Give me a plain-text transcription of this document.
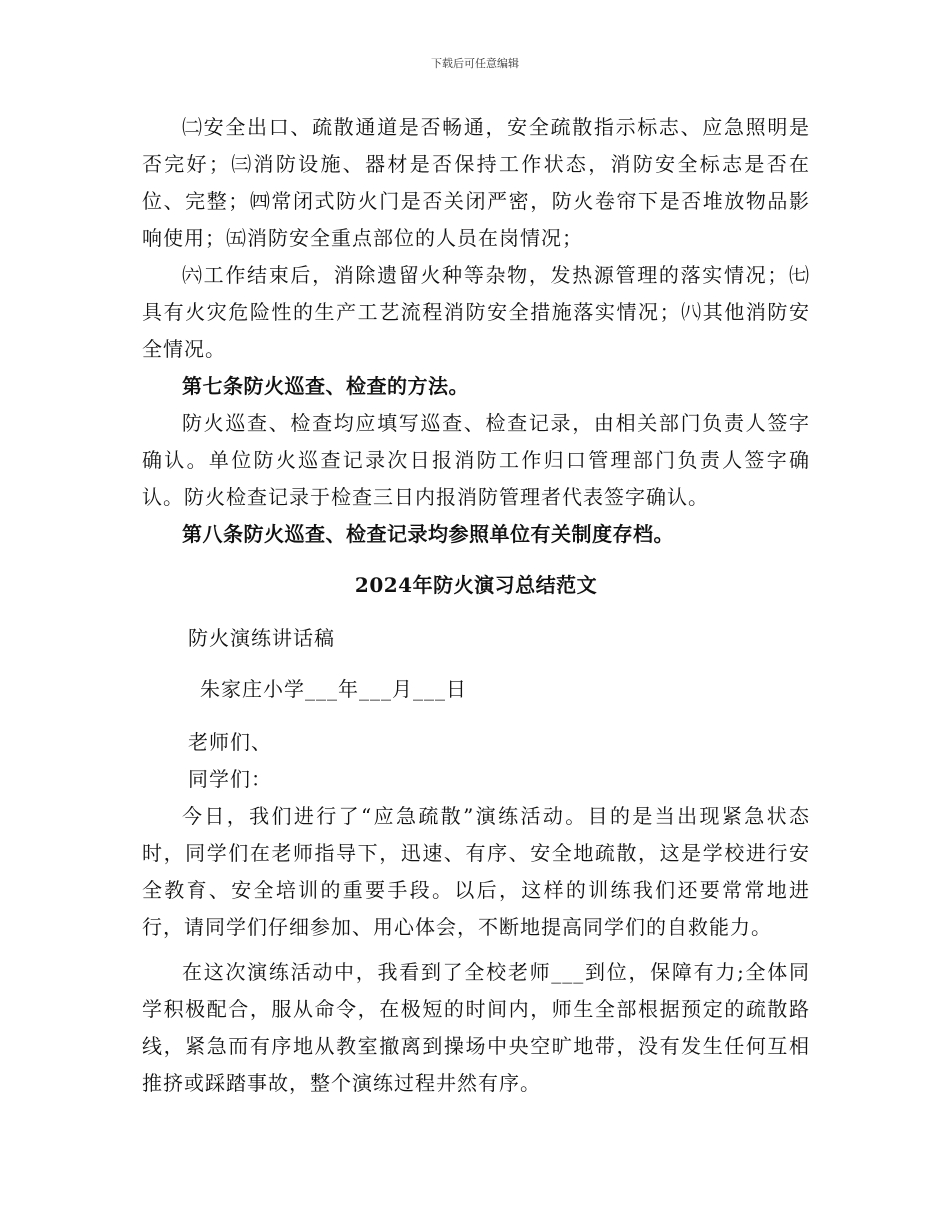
下载后可任意编辑

㈡安全出口、疏散通道是否畅通，安全疏散指示标志、应急照明是否完好；㈢消防设施、器材是否保持工作状态，消防安全标志是否在位、完整；㈣常闭式防火门是否关闭严密，防火卷帘下是否堆放物品影响使用；㈤消防安全重点部位的人员在岗情况；

㈥工作结束后，消除遗留火种等杂物，发热源管理的落实情况；㈦具有火灾危险性的生产工艺流程消防安全措施落实情况；㈧其他消防安全情况。

第七条防火巡查、检查的方法。

防火巡查、检查均应填写巡查、检查记录，由相关部门负责人签字确认。单位防火巡查记录次日报消防工作归口管理部门负责人签字确认。防火检查记录于检查三日内报消防管理者代表签字确认。

第八条防火巡查、检查记录均参照单位有关制度存档。

2024年防火演习总结范文

防火演练讲话稿

朱家庄小学___年___月___日

老师们、

同学们：

今日，我们进行了“应急疏散”演练活动。目的是当出现紧急状态时，同学们在老师指导下，迅速、有序、安全地疏散，这是学校进行安全教育、安全培训的重要手段。以后，这样的训练我们还要常常地进行，请同学们仔细参加、用心体会，不断地提高同学们的自救能力。

在这次演练活动中，我看到了全校老师___到位，保障有力;全体同学积极配合，服从命令，在极短的时间内，师生全部根据预定的疏散路线，紧急而有序地从教室撤离到操场中央空旷地带，没有发生任何互相推挤或踩踏事故，整个演练过程井然有序。
